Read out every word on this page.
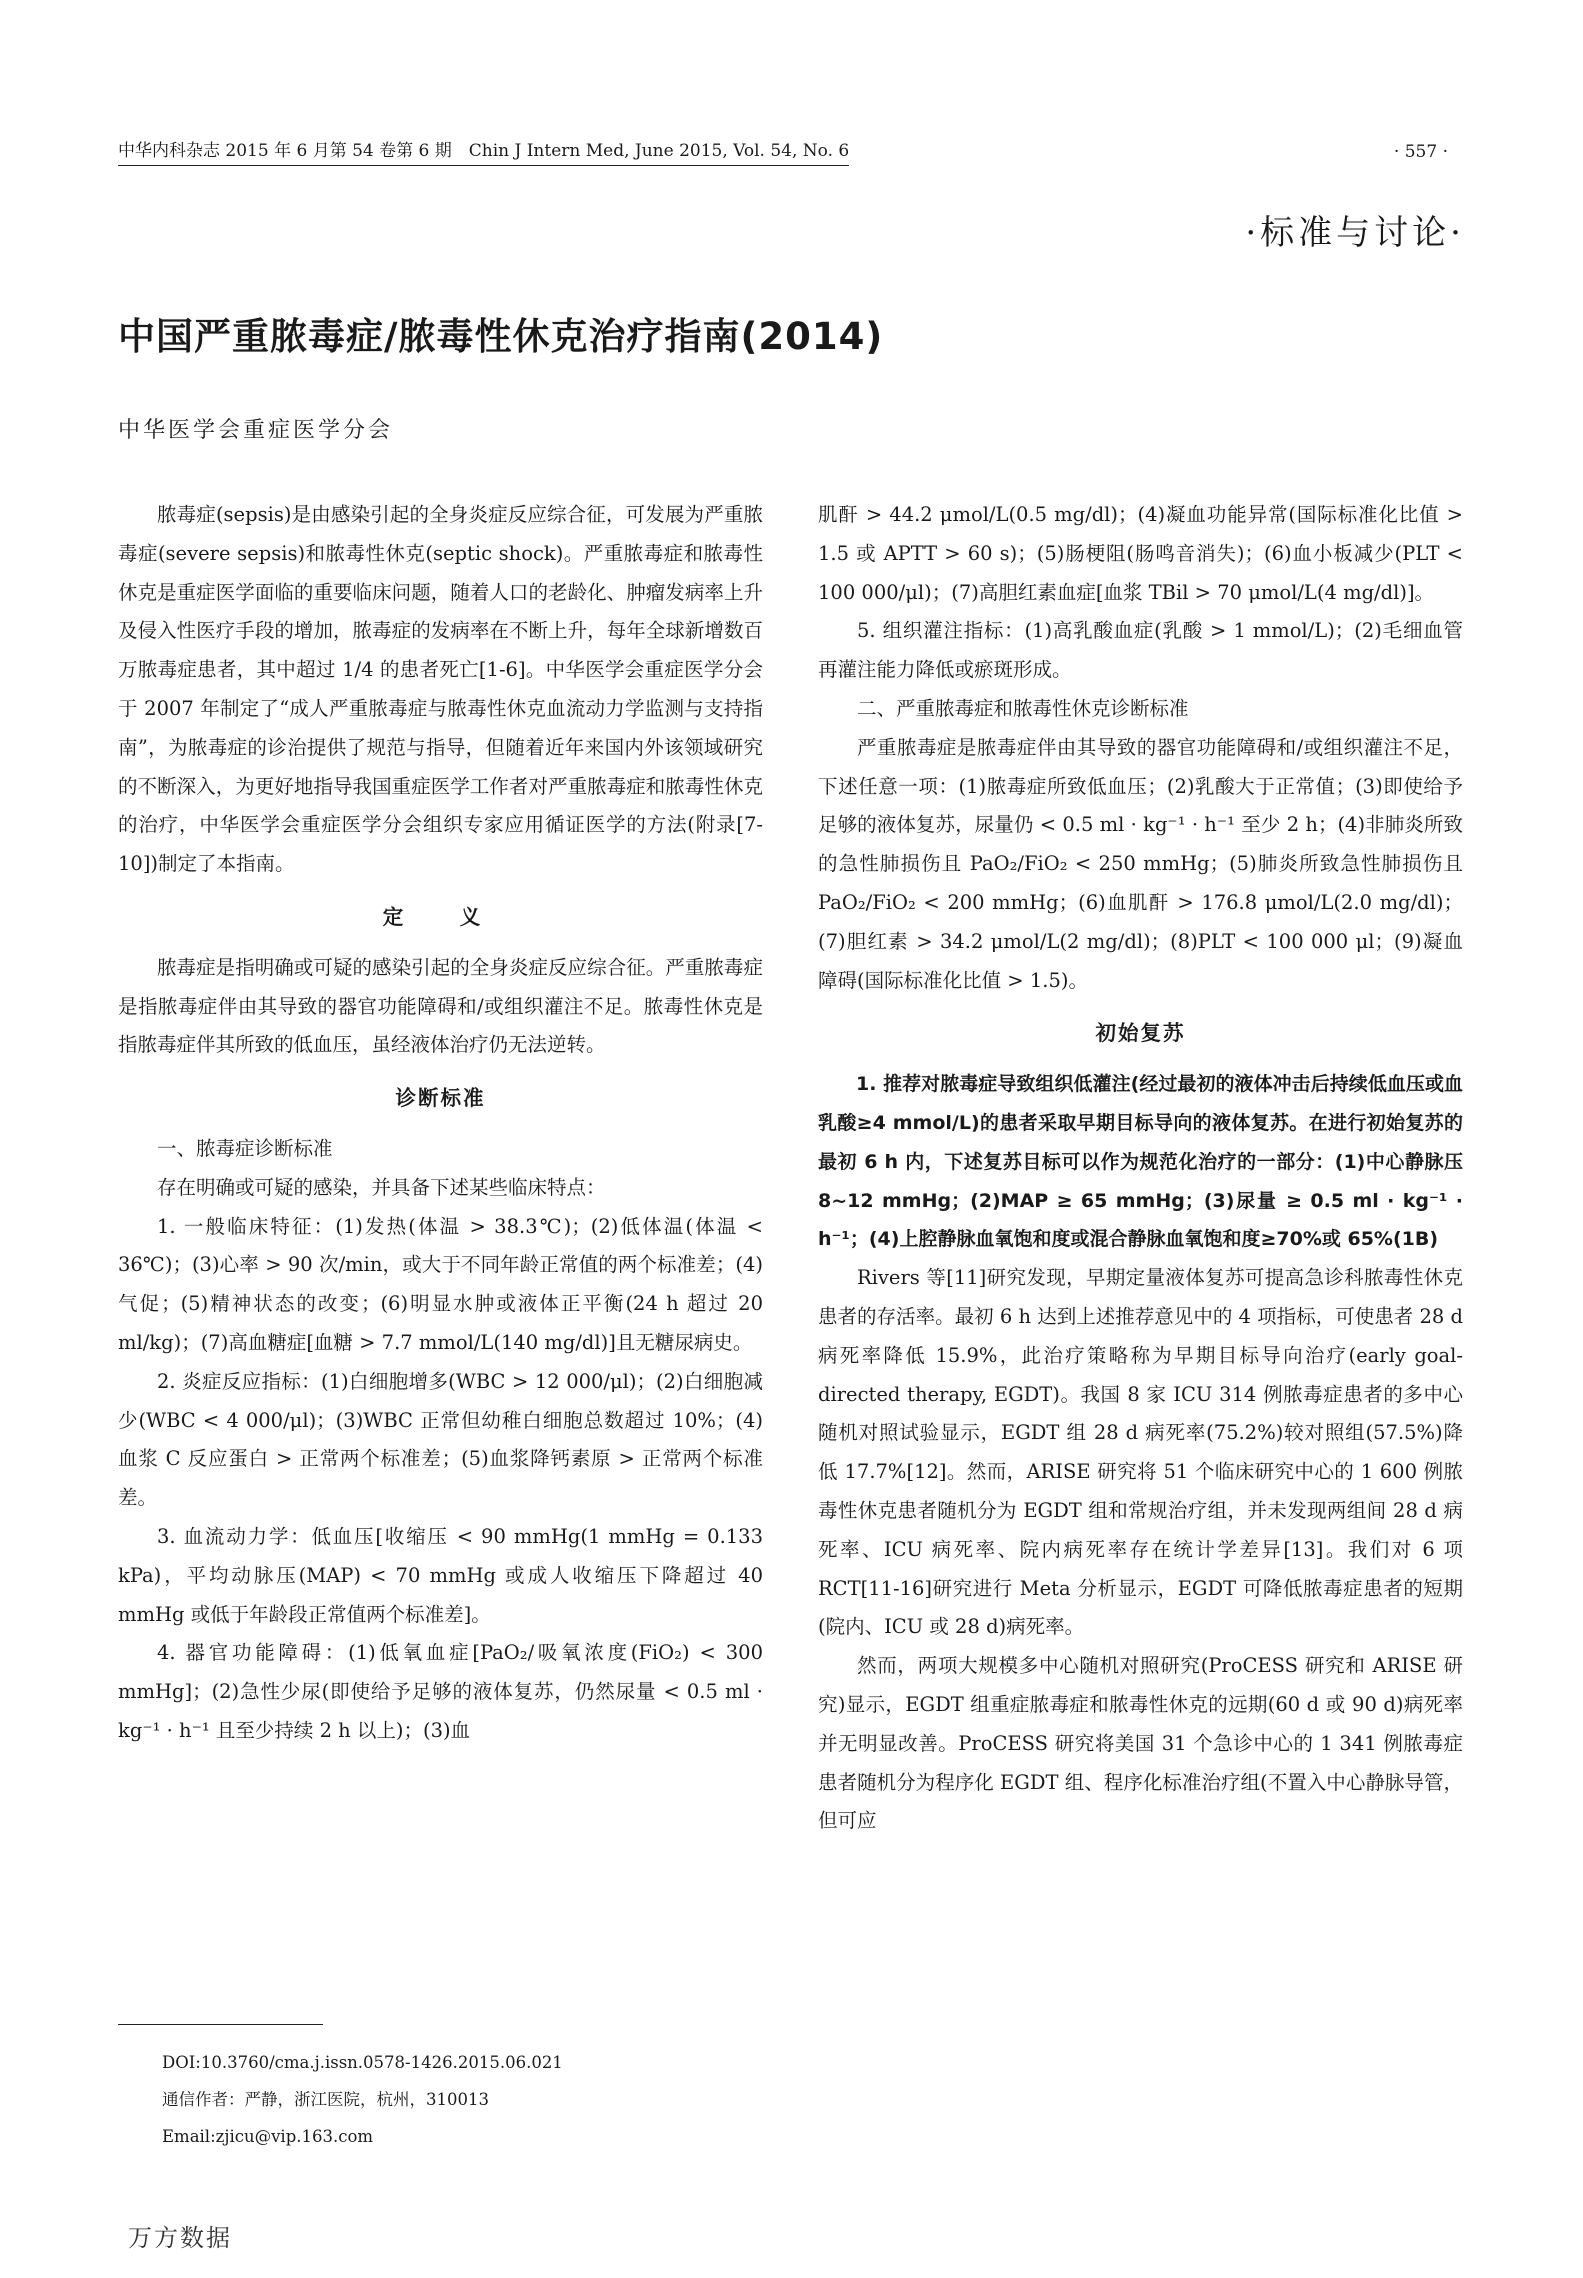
中华内科杂志 2015 年 6 月第 54 卷第 6 期　Chin J Intern Med, June 2015, Vol. 54, No. 6	· 557 ·
·标准与讨论·
中国严重脓毒症/脓毒性休克治疗指南(2014)
中华医学会重症医学分会

脓毒症(sepsis)是由感染引起的全身炎症反应综合征，可发展为严重脓毒症(severe sepsis)和脓毒性休克(septic shock)。严重脓毒症和脓毒性休克是重症医学面临的重要临床问题，随着人口的老龄化、肿瘤发病率上升及侵入性医疗手段的增加，脓毒症的发病率在不断上升，每年全球新增数百万脓毒症患者，其中超过 1/4 的患者死亡[1-6]。中华医学会重症医学分会于 2007 年制定了“成人严重脓毒症与脓毒性休克血流动力学监测与支持指南”，为脓毒症的诊治提供了规范与指导，但随着近年来国内外该领域研究的不断深入，为更好地指导我国重症医学工作者对严重脓毒症和脓毒性休克的治疗，中华医学会重症医学分会组织专家应用循证医学的方法(附录[7-10])制定了本指南。

定　义

脓毒症是指明确或可疑的感染引起的全身炎症反应综合征。严重脓毒症是指脓毒症伴由其导致的器官功能障碍和/或组织灌注不足。脓毒性休克是指脓毒症伴其所致的低血压，虽经液体治疗仍无法逆转。

诊断标准

一、脓毒症诊断标准

存在明确或可疑的感染，并具备下述某些临床特点：

1. 一般临床特征：(1)发热(体温 > 38.3℃)；(2)低体温(体温 < 36℃)；(3)心率 > 90 次/min，或大于不同年龄正常值的两个标准差；(4)气促；(5)精神状态的改变；(6)明显水肿或液体正平衡(24 h 超过 20 ml/kg)；(7)高血糖症[血糖 > 7.7 mmol/L(140 mg/dl)]且无糖尿病史。

2. 炎症反应指标：(1)白细胞增多(WBC > 12 000/μl)；(2)白细胞减少(WBC < 4 000/μl)；(3)WBC 正常但幼稚白细胞总数超过 10%；(4)血浆 C 反应蛋白 > 正常两个标准差；(5)血浆降钙素原 > 正常两个标准差。

3. 血流动力学：低血压[收缩压 < 90 mmHg(1 mmHg = 0.133 kPa)，平均动脉压(MAP) < 70 mmHg 或成人收缩压下降超过 40 mmHg 或低于年龄段正常值两个标准差]。

4. 器官功能障碍：(1)低氧血症[PaO₂/吸氧浓度(FiO₂) < 300 mmHg]；(2)急性少尿(即使给予足够的液体复苏，仍然尿量 < 0.5 ml · kg⁻¹ · h⁻¹ 且至少持续 2 h 以上)；(3)血

肌酐 > 44.2 μmol/L(0.5 mg/dl)；(4)凝血功能异常(国际标准化比值 > 1.5 或 APTT > 60 s)；(5)肠梗阻(肠鸣音消失)；(6)血小板减少(PLT < 100 000/μl)；(7)高胆红素血症[血浆 TBil > 70 μmol/L(4 mg/dl)]。

5. 组织灌注指标：(1)高乳酸血症(乳酸 > 1 mmol/L)；(2)毛细血管再灌注能力降低或瘀斑形成。

二、严重脓毒症和脓毒性休克诊断标准

严重脓毒症是脓毒症伴由其导致的器官功能障碍和/或组织灌注不足，下述任意一项：(1)脓毒症所致低血压；(2)乳酸大于正常值；(3)即使给予足够的液体复苏，尿量仍 < 0.5 ml · kg⁻¹ · h⁻¹ 至少 2 h；(4)非肺炎所致的急性肺损伤且 PaO₂/FiO₂ < 250 mmHg；(5)肺炎所致急性肺损伤且 PaO₂/FiO₂ < 200 mmHg；(6)血肌酐 > 176.8 μmol/L(2.0 mg/dl)；(7)胆红素 > 34.2 μmol/L(2 mg/dl)；(8)PLT < 100 000 μl；(9)凝血障碍(国际标准化比值 > 1.5)。

初始复苏

1. 推荐对脓毒症导致组织低灌注(经过最初的液体冲击后持续低血压或血乳酸≥4 mmol/L)的患者采取早期目标导向的液体复苏。在进行初始复苏的最初 6 h 内，下述复苏目标可以作为规范化治疗的一部分：(1)中心静脉压 8~12 mmHg；(2)MAP ≥ 65 mmHg；(3)尿量 ≥ 0.5 ml · kg⁻¹ · h⁻¹；(4)上腔静脉血氧饱和度或混合静脉血氧饱和度≥70%或 65%(1B)

Rivers 等[11]研究发现，早期定量液体复苏可提高急诊科脓毒性休克患者的存活率。最初 6 h 达到上述推荐意见中的 4 项指标，可使患者 28 d 病死率降低 15.9%，此治疗策略称为早期目标导向治疗(early goal-directed therapy, EGDT)。我国 8 家 ICU 314 例脓毒症患者的多中心随机对照试验显示，EGDT 组 28 d 病死率(75.2%)较对照组(57.5%)降低 17.7%[12]。然而，ARISE 研究将 51 个临床研究中心的 1 600 例脓毒性休克患者随机分为 EGDT 组和常规治疗组，并未发现两组间 28 d 病死率、ICU 病死率、院内病死率存在统计学差异[13]。我们对 6 项 RCT[11-16]研究进行 Meta 分析显示，EGDT 可降低脓毒症患者的短期(院内、ICU 或 28 d)病死率。

然而，两项大规模多中心随机对照研究(ProCESS 研究和 ARISE 研究)显示，EGDT 组重症脓毒症和脓毒性休克的远期(60 d 或 90 d)病死率并无明显改善。ProCESS 研究将美国 31 个急诊中心的 1 341 例脓毒症患者随机分为程序化 EGDT 组、程序化标准治疗组(不置入中心静脉导管，但可应

DOI:10.3760/cma.j.issn.0578-1426.2015.06.021
通信作者：严静，浙江医院，杭州，310013
Email:zjicu@vip.163.com
万方数据
